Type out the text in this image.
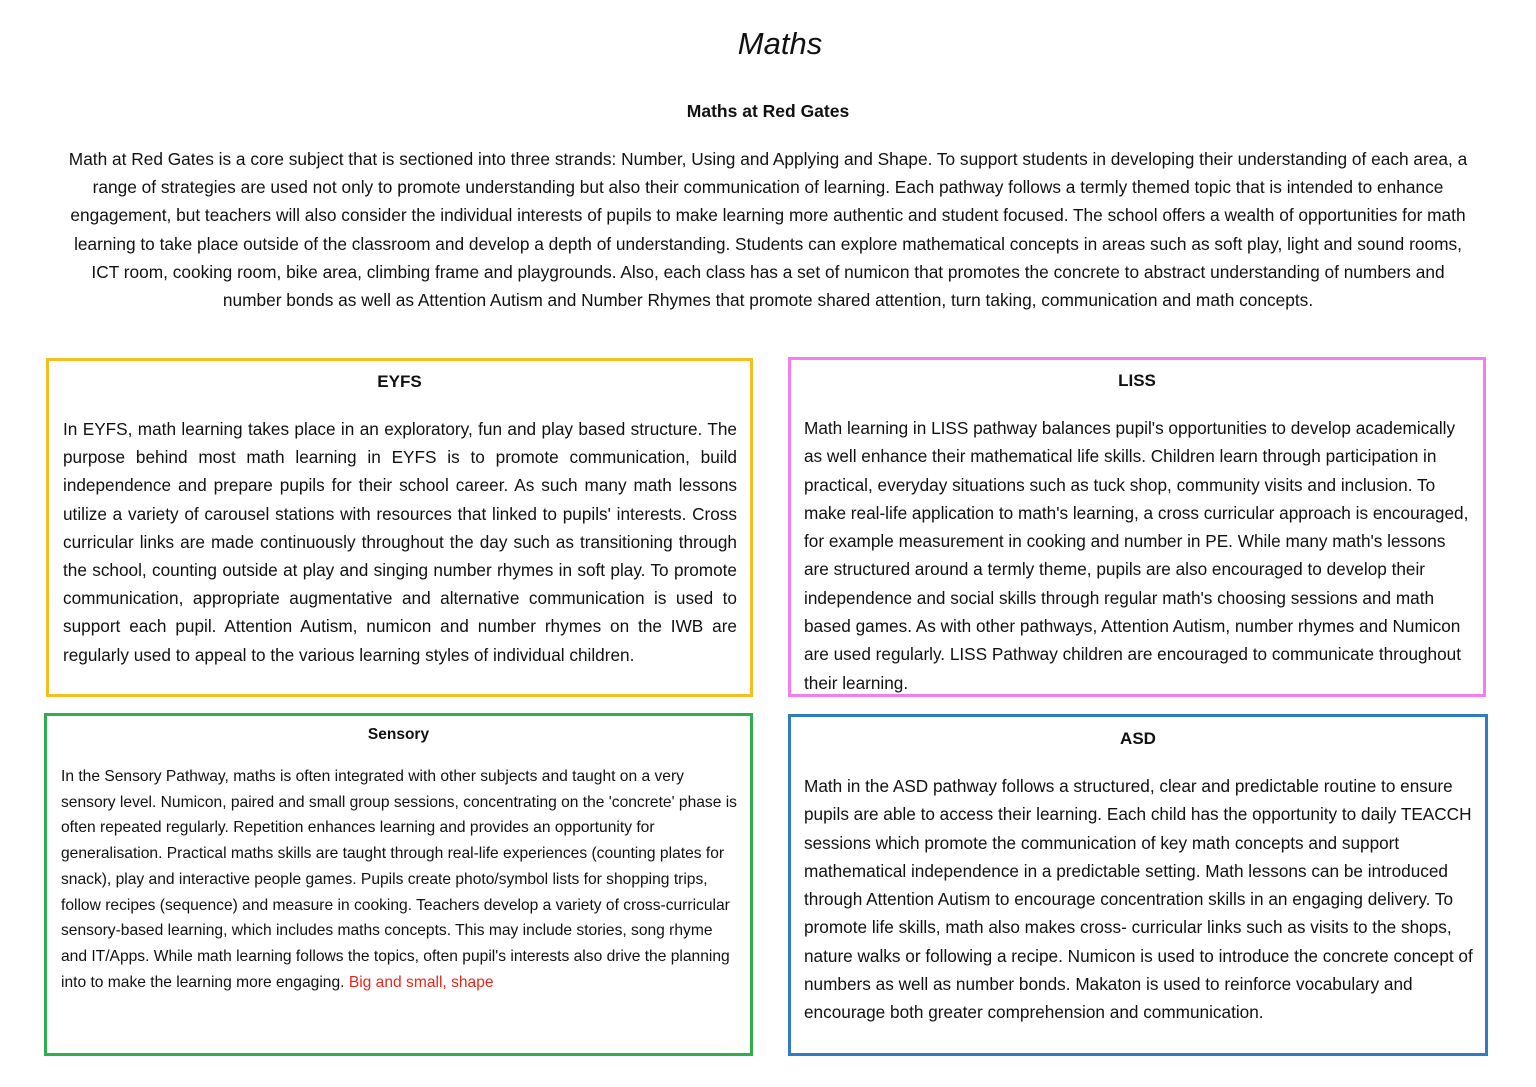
Maths
Maths at Red Gates

Math at Red Gates is a core subject that is sectioned into three strands: Number, Using and Applying and Shape. To support students in developing their understanding of each area, a range of strategies are used not only to promote understanding but also their communication of learning. Each pathway follows a termly themed topic that is intended to enhance engagement, but teachers will also consider the individual interests of pupils to make learning more authentic and student focused. The school offers a wealth of opportunities for math learning to take place outside of the classroom and develop a depth of understanding. Students can explore mathematical concepts in areas such as soft play, light and sound rooms, ICT room, cooking room, bike area, climbing frame and playgrounds. Also, each class has a set of numicon that promotes the concrete to abstract understanding of numbers and number bonds as well as Attention Autism and Number Rhymes that promote shared attention, turn taking, communication and math concepts.

EYFS

In EYFS, math learning takes place in an exploratory, fun and play based structure. The purpose behind most math learning in EYFS is to promote communication, build independence and prepare pupils for their school career. As such many math lessons utilize a variety of carousel stations with resources that linked to pupils' interests. Cross curricular links are made continuously throughout the day such as transitioning through the school, counting outside at play and singing number rhymes in soft play. To promote communication, appropriate augmentative and alternative communication is used to support each pupil. Attention Autism, numicon and number rhymes on the IWB are regularly used to appeal to the various learning styles of individual children.

LISS

Math learning in LISS pathway balances pupil's opportunities to develop academically as well enhance their mathematical life skills. Children learn through participation in practical, everyday situations such as tuck shop, community visits and inclusion. To make real-life application to math's learning, a cross curricular approach is encouraged, for example measurement in cooking and number in PE. While many math's lessons are structured around a termly theme, pupils are also encouraged to develop their independence and social skills through regular math's choosing sessions and math based games. As with other pathways, Attention Autism, number rhymes and Numicon are used regularly. LISS Pathway children are encouraged to communicate throughout their learning.

Sensory

In the Sensory Pathway, maths is often integrated with other subjects and taught on a very sensory level. Numicon, paired and small group sessions, concentrating on the 'concrete' phase is often repeated regularly. Repetition enhances learning and provides an opportunity for generalisation. Practical maths skills are taught through real-life experiences (counting plates for snack), play and interactive people games. Pupils create photo/symbol lists for shopping trips, follow recipes (sequence) and measure in cooking. Teachers develop a variety of cross-curricular sensory-based learning, which includes maths concepts. This may include stories, song rhyme and IT/Apps. While math learning follows the topics, often pupil's interests also drive the planning into to make the learning more engaging. Big and small, shape

ASD

Math in the ASD pathway follows a structured, clear and predictable routine to ensure pupils are able to access their learning. Each child has the opportunity to daily TEACCH sessions which promote the communication of key math concepts and support mathematical independence in a predictable setting. Math lessons can be introduced through Attention Autism to encourage concentration skills in an engaging delivery. To promote life skills, math also makes cross- curricular links such as visits to the shops, nature walks or following a recipe. Numicon is used to introduce the concrete concept of numbers as well as number bonds. Makaton is used to reinforce vocabulary and encourage both greater comprehension and communication.
